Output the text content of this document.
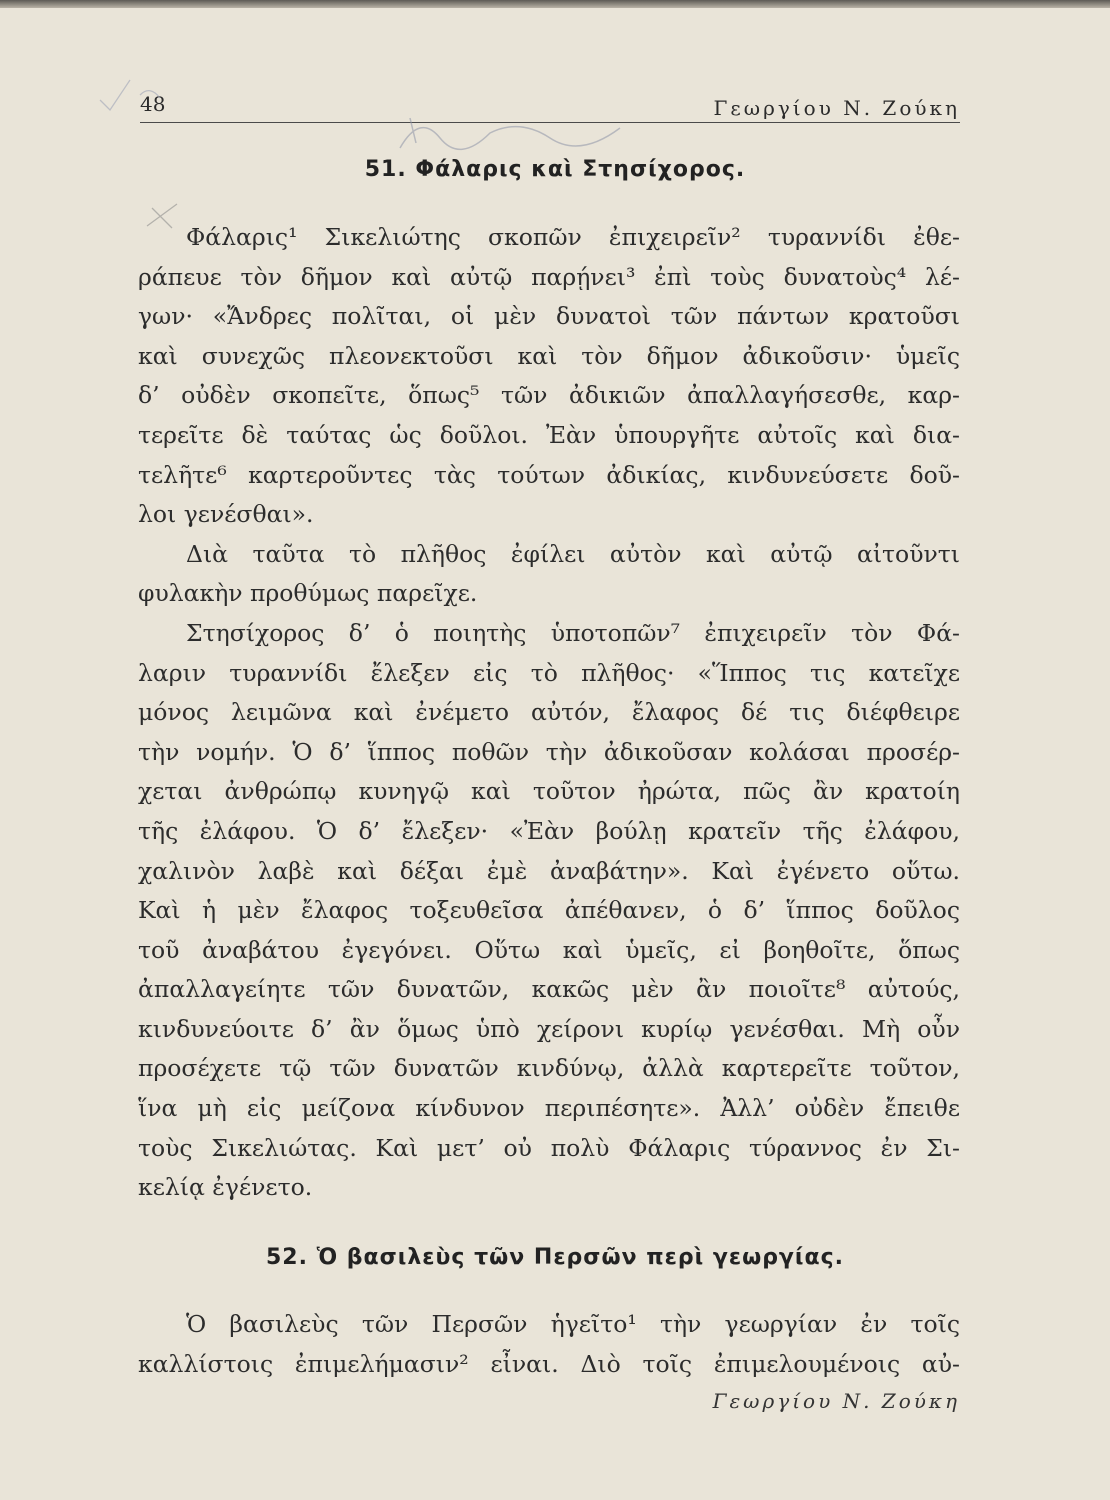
48	Γεωργίου Ν. Ζούκη
51. Φάλαρις καὶ Στησίχορος.
Φάλαρις¹ Σικελιώτης σκοπῶν ἐπιχειρεῖν² τυραννίδι ἐθε-
ράπευε τὸν δῆμον καὶ αὐτῷ παρῄνει³ ἐπὶ τοὺς δυνατοὺς⁴ λέ-
γων· «Ἄνδρες πολῖται, οἱ μὲν δυνατοὶ τῶν πάντων κρατοῦσι
καὶ συνεχῶς πλεονεκτοῦσι καὶ τὸν δῆμον ἀδικοῦσιν· ὑμεῖς
δ’ οὐδὲν σκοπεῖτε, ὅπως⁵ τῶν ἀδικιῶν ἀπαλλαγήσεσθε, καρ-
τερεῖτε δὲ ταύτας ὡς δοῦλοι. Ἐὰν ὑπουργῆτε αὐτοῖς καὶ δια-
τελῆτε⁶ καρτεροῦντες τὰς τούτων ἀδικίας, κινδυνεύσετε δοῦ-
λοι γενέσθαι».
Διὰ ταῦτα τὸ πλῆθος ἐφίλει αὐτὸν καὶ αὐτῷ αἰτοῦντι
φυλακὴν προθύμως παρεῖχε.
Στησίχορος δ’ ὁ ποιητὴς ὑποτοπῶν⁷ ἐπιχειρεῖν τὸν Φά-
λαριν τυραννίδι ἔλεξεν εἰς τὸ πλῆθος· «Ἵππος τις κατεῖχε
μόνος λειμῶνα καὶ ἐνέμετο αὐτόν, ἔλαφος δέ τις διέφθειρε
τὴν νομήν. Ὁ δ’ ἵππος ποθῶν τὴν ἀδικοῦσαν κολάσαι προσέρ-
χεται ἀνθρώπῳ κυνηγῷ καὶ τοῦτον ἠρώτα, πῶς ἂν κρατοίη
τῆς ἐλάφου. Ὁ δ’ ἔλεξεν· «Ἐὰν βούλῃ κρατεῖν τῆς ἐλάφου,
χαλινὸν λαβὲ καὶ δέξαι ἐμὲ ἀναβάτην». Καὶ ἐγένετο οὕτω.
Καὶ ἡ μὲν ἔλαφος τοξευθεῖσα ἀπέθανεν, ὁ δ’ ἵππος δοῦλος
τοῦ ἀναβάτου ἐγεγόνει. Οὕτω καὶ ὑμεῖς, εἰ βοηθοῖτε, ὅπως
ἀπαλλαγείητε τῶν δυνατῶν, κακῶς μὲν ἂν ποιοῖτε⁸ αὐτούς,
κινδυνεύοιτε δ’ ἂν ὅμως ὑπὸ χείρονι κυρίῳ γενέσθαι. Μὴ οὖν
προσέχετε τῷ τῶν δυνατῶν κινδύνῳ, ἀλλὰ καρτερεῖτε τοῦτον,
ἵνα μὴ εἰς μείζονα κίνδυνον περιπέσητε». Ἀλλ’ οὐδὲν ἔπειθε
τοὺς Σικελιώτας. Καὶ μετ’ οὐ πολὺ Φάλαρις τύραννος ἐν Σι-
κελίᾳ ἐγένετο.
52. Ὁ βασιλεὺς τῶν Περσῶν περὶ γεωργίας.
Ὁ βασιλεὺς τῶν Περσῶν ἡγεῖτο¹ τὴν γεωργίαν ἐν τοῖς
καλλίστοις ἐπιμελήμασιν² εἶναι. Διὸ τοῖς ἐπιμελουμένοις αὐ-
Γεωργίου Ν. Ζούκη
